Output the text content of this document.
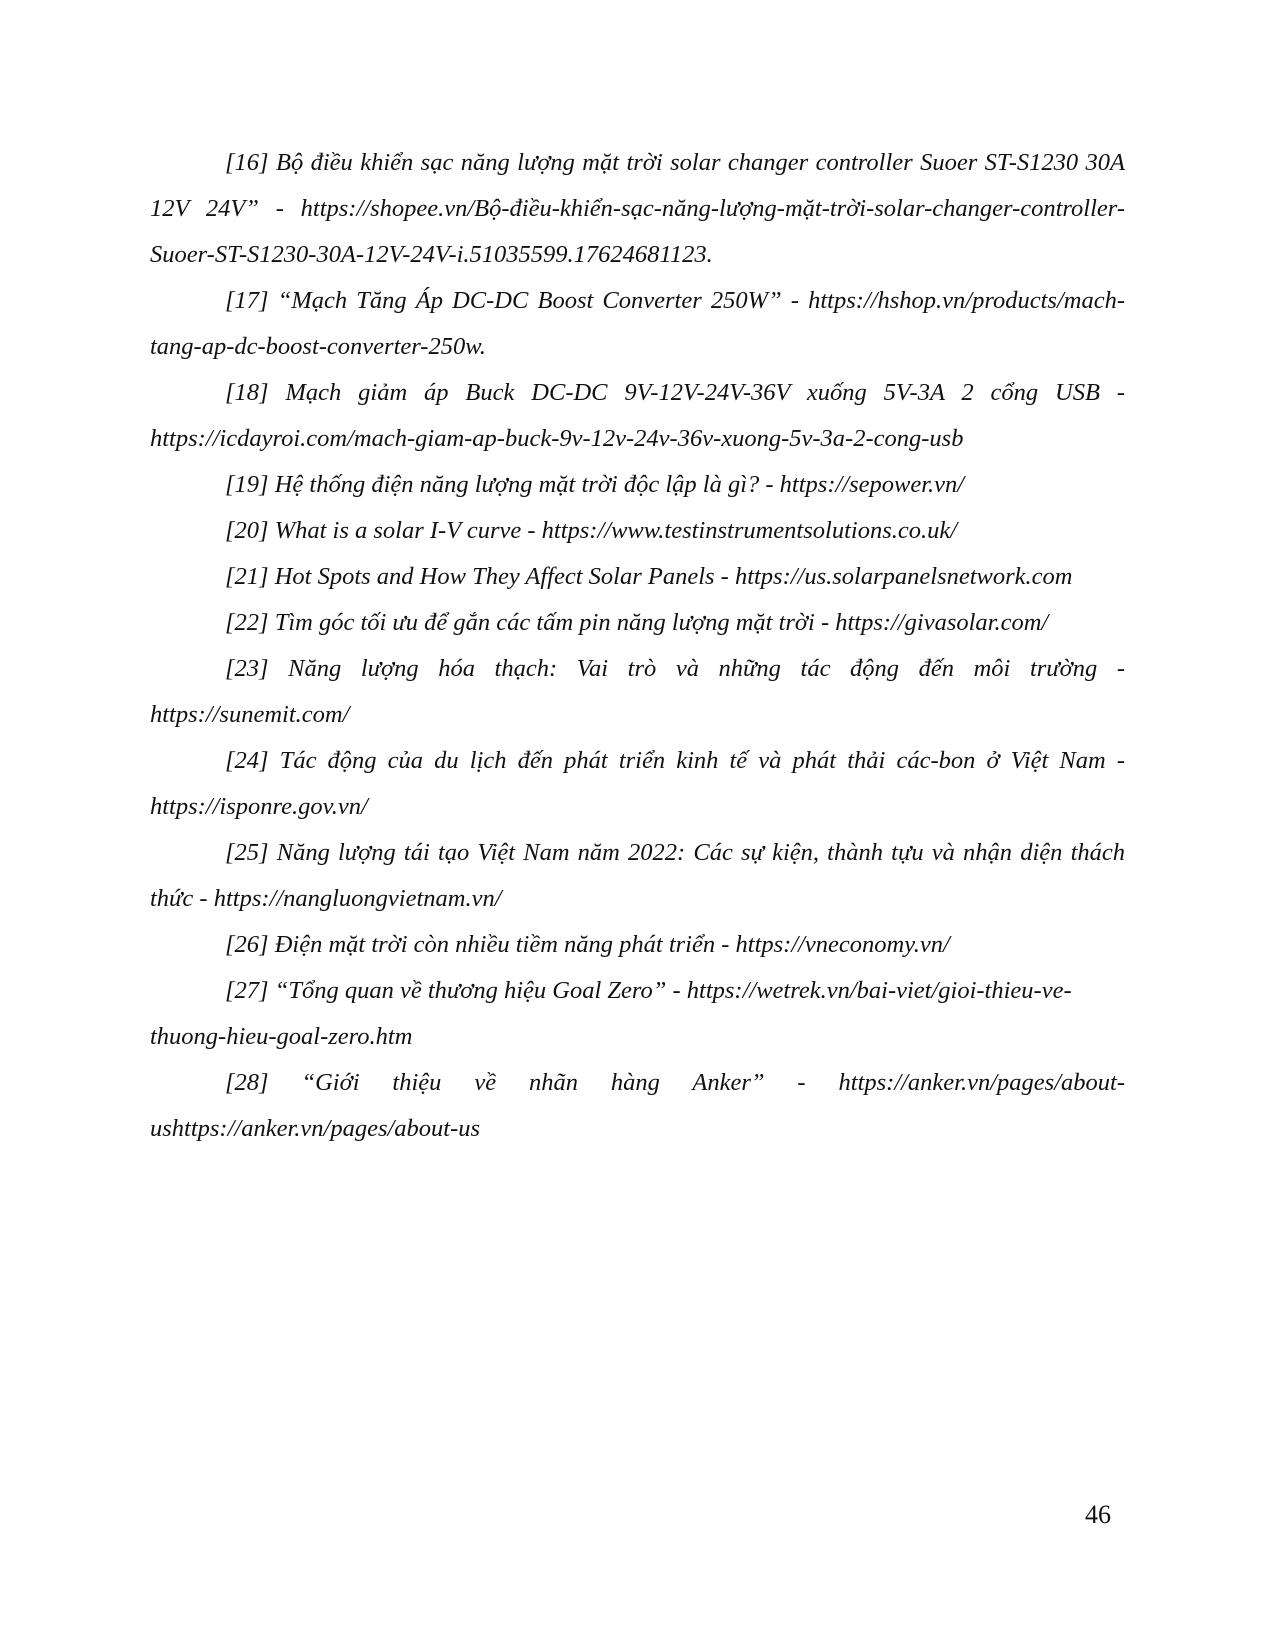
[16] Bộ điều khiển sạc năng lượng mặt trời solar changer controller Suoer ST-S1230 30A 12V 24V” - https://shopee.vn/Bộ-điều-khiển-sạc-năng-lượng-mặt-trời-solar-changer-controller-Suoer-ST-S1230-30A-12V-24V-i.51035599.17624681123.

[17] “Mạch Tăng Áp DC-DC Boost Converter 250W” - https://hshop.vn/products/mach-tang-ap-dc-boost-converter-250w.

[18] Mạch giảm áp Buck DC-DC 9V-12V-24V-36V xuống 5V-3A 2 cổng USB - https://icdayroi.com/mach-giam-ap-buck-9v-12v-24v-36v-xuong-5v-3a-2-cong-usb

[19] Hệ thống điện năng lượng mặt trời độc lập là gì? - https://sepower.vn/

[20] What is a solar I-V curve - https://www.testinstrumentsolutions.co.uk/

[21] Hot Spots and How They Affect Solar Panels - https://us.solarpanelsnetwork.com

[22] Tìm góc tối ưu để gắn các tấm pin năng lượng mặt trời - https://givasolar.com/

[23] Năng lượng hóa thạch: Vai trò và những tác động đến môi trường - https://sunemit.com/

[24] Tác động của du lịch đến phát triển kinh tế và phát thải các-bon ở Việt Nam - https://isponre.gov.vn/

[25] Năng lượng tái tạo Việt Nam năm 2022: Các sự kiện, thành tựu và nhận diện thách thức - https://nangluongvietnam.vn/

[26] Điện mặt trời còn nhiều tiềm năng phát triển - https://vneconomy.vn/

[27] “Tổng quan về thương hiệu Goal Zero” - https://wetrek.vn/bai-viet/gioi-thieu-ve-thuong-hieu-goal-zero.htm

[28] “Giới thiệu về nhãn hàng Anker” - https://anker.vn/pages/about-ushttps://anker.vn/pages/about-us

46
